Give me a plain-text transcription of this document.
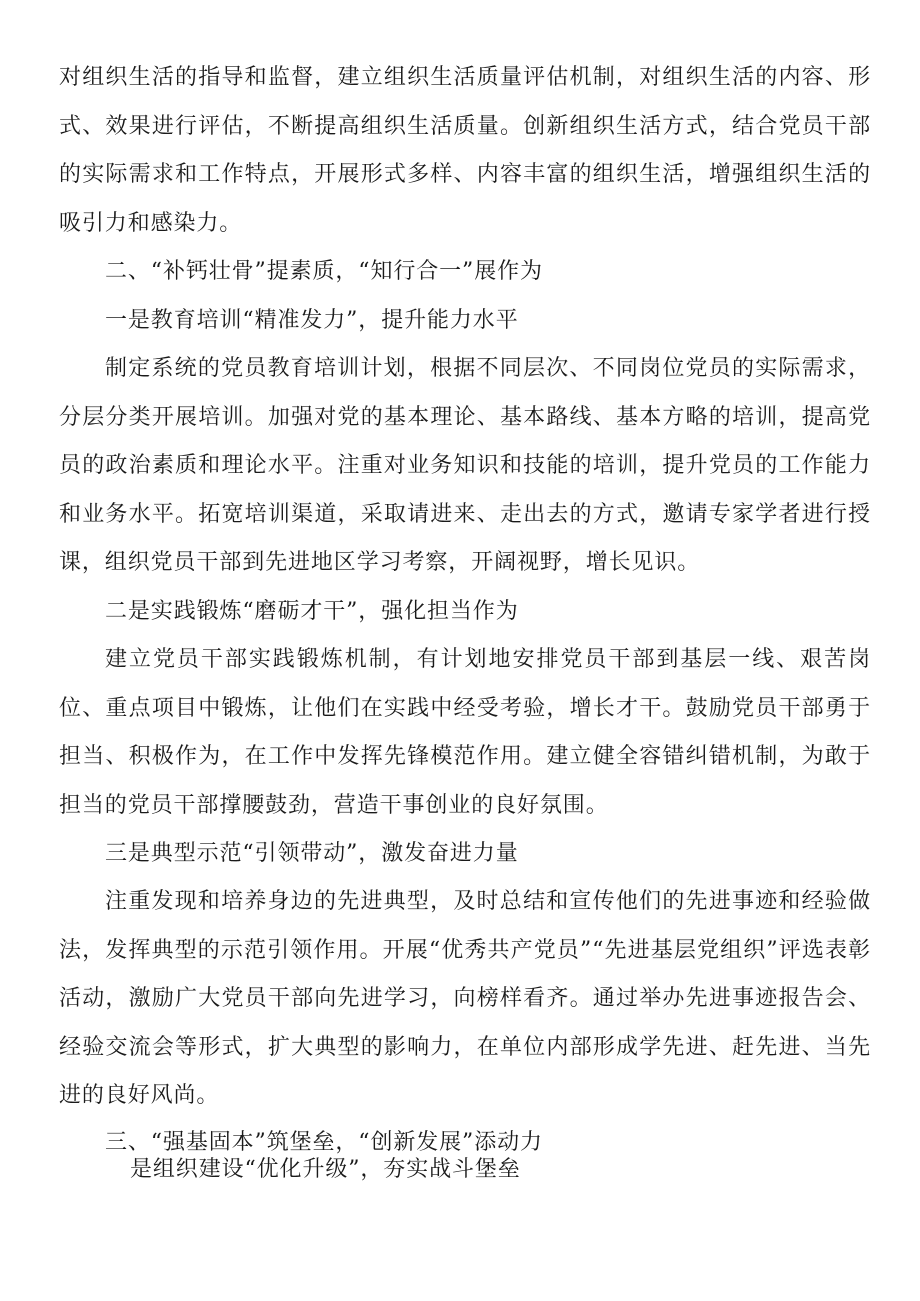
对组织生活的指导和监督，建立组织生活质量评估机制，对组织生活的内容、形式、效果进行评估，不断提高组织生活质量。创新组织生活方式，结合党员干部的实际需求和工作特点，开展形式多样、内容丰富的组织生活，增强组织生活的吸引力和感染力。

二、“补钙壮骨”提素质，“知行合一”展作为

一是教育培训“精准发力”，提升能力水平

制定系统的党员教育培训计划，根据不同层次、不同岗位党员的实际需求，分层分类开展培训。加强对党的基本理论、基本路线、基本方略的培训，提高党员的政治素质和理论水平。注重对业务知识和技能的培训，提升党员的工作能力和业务水平。拓宽培训渠道，采取请进来、走出去的方式，邀请专家学者进行授课，组织党员干部到先进地区学习考察，开阔视野，增长见识。

二是实践锻炼“磨砺才干”，强化担当作为

建立党员干部实践锻炼机制，有计划地安排党员干部到基层一线、艰苦岗位、重点项目中锻炼，让他们在实践中经受考验，增长才干。鼓励党员干部勇于担当、积极作为，在工作中发挥先锋模范作用。建立健全容错纠错机制，为敢于担当的党员干部撑腰鼓劲，营造干事创业的良好氛围。

三是典型示范“引领带动”，激发奋进力量

注重发现和培养身边的先进典型，及时总结和宣传他们的先进事迹和经验做法，发挥典型的示范引领作用。开展“优秀共产党员”“先进基层党组织”评选表彰活动，激励广大党员干部向先进学习，向榜样看齐。通过举办先进事迹报告会、经验交流会等形式，扩大典型的影响力，在单位内部形成学先进、赶先进、当先进的良好风尚。

三、“强基固本”筑堡垒，“创新发展”添动力

是组织建设“优化升级”，夯实战斗堡垒
